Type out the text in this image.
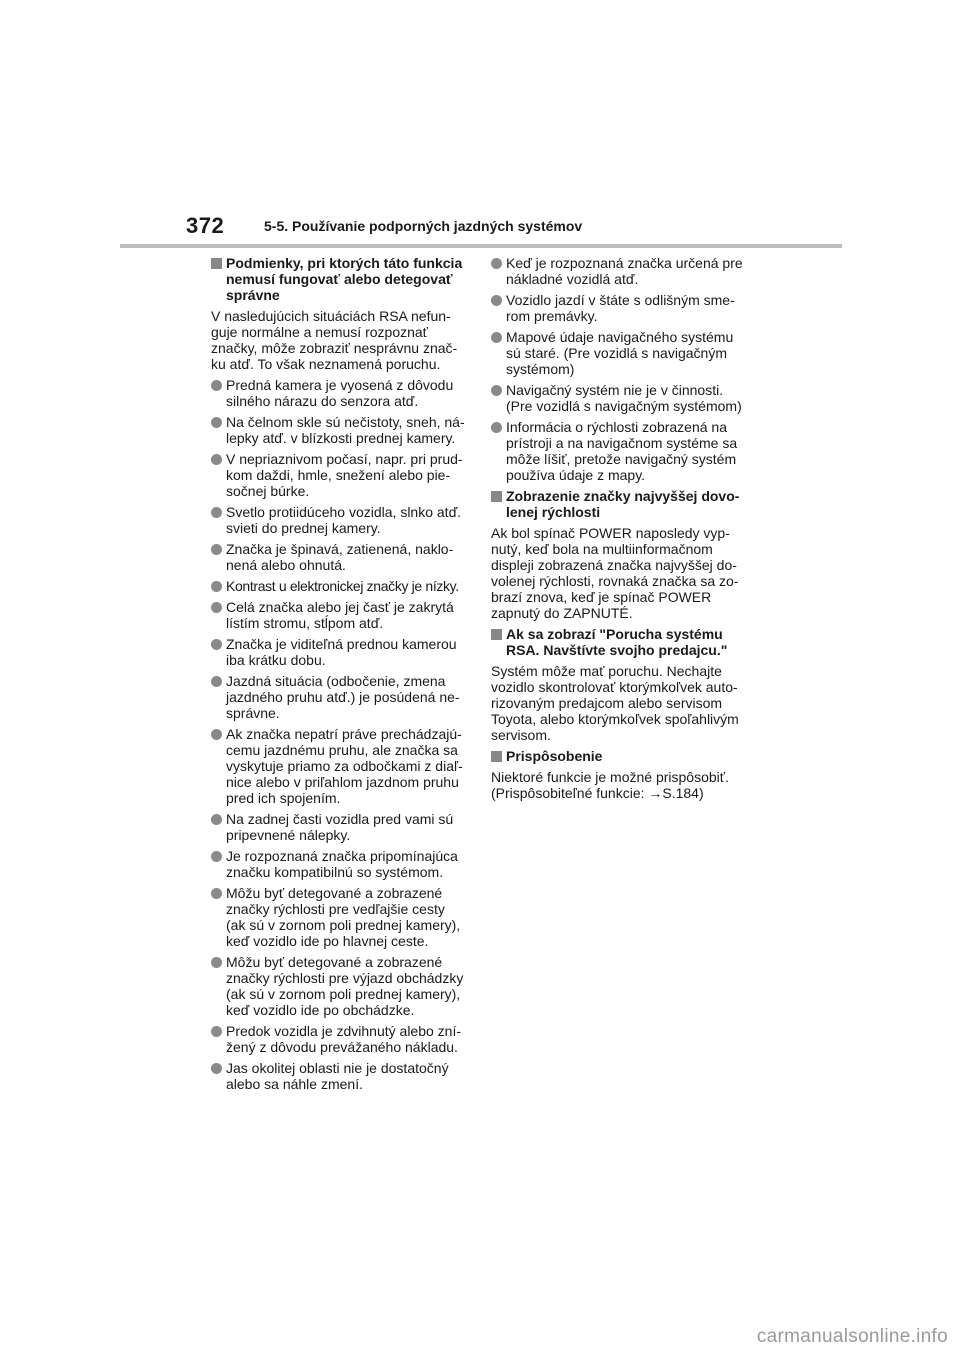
372	5-5. Používanie podporných jazdných systémov
Podmienky, pri ktorých táto funkcia
nemusí fungovať alebo detegovať
správne
V nasledujúcich situáciách RSA nefun-
guje normálne a nemusí rozpoznať
značky, môže zobraziť nesprávnu znač-
ku atď. To však neznamená poruchu.
Predná kamera je vyosená z dôvodu
silného nárazu do senzora atď.
Na čelnom skle sú nečistoty, sneh, ná-
lepky atď. v blízkosti prednej kamery.
V nepriaznivom počasí, napr. pri prud-
kom daždi, hmle, snežení alebo pie-
sočnej búrke.
Svetlo protiidúceho vozidla, slnko atď.
svieti do prednej kamery.
Značka je špinavá, zatienená, naklo-
nená alebo ohnutá.
Kontrast u elektronickej značky je nízky.
Celá značka alebo jej časť je zakrytá
lístím stromu, stĺpom atď.
Značka je viditeľná prednou kamerou
iba krátku dobu.
Jazdná situácia (odbočenie, zmena
jazdného pruhu atď.) je posúdená ne-
správne.
Ak značka nepatrí práve prechádzajú-
cemu jazdnému pruhu, ale značka sa
vyskytuje priamo za odbočkami z diaľ-
nice alebo v priľahlom jazdnom pruhu
pred ich spojením.
Na zadnej časti vozidla pred vami sú
pripevnené nálepky.
Je rozpoznaná značka pripomínajúca
značku kompatibilnú so systémom.
Môžu byť detegované a zobrazené
značky rýchlosti pre vedľajšie cesty
(ak sú v zornom poli prednej kamery),
keď vozidlo ide po hlavnej ceste.
Môžu byť detegované a zobrazené
značky rýchlosti pre výjazd obchádzky
(ak sú v zornom poli prednej kamery),
keď vozidlo ide po obchádzke.
Predok vozidla je zdvihnutý alebo zní-
žený z dôvodu prevážaného nákladu.
Jas okolitej oblasti nie je dostatočný
alebo sa náhle zmení.
Keď je rozpoznaná značka určená pre
nákladné vozidlá atď.
Vozidlo jazdí v štáte s odlišným sme-
rom premávky.
Mapové údaje navigačného systému
sú staré. (Pre vozidlá s navigačným
systémom)
Navigačný systém nie je v činnosti.
(Pre vozidlá s navigačným systémom)
Informácia o rýchlosti zobrazená na
prístroji a na navigačnom systéme sa
môže líšiť, pretože navigačný systém
používa údaje z mapy.
Zobrazenie značky najvyššej dovo-
lenej rýchlosti
Ak bol spínač POWER naposledy vyp-
nutý, keď bola na multiinformačnom
displeji zobrazená značka najvyššej do-
volenej rýchlosti, rovnaká značka sa zo-
brazí znova, keď je spínač POWER
zapnutý do ZAPNUTÉ.
Ak sa zobrazí "Porucha systému
RSA. Navštívte svojho predajcu."
Systém môže mať poruchu. Nechajte
vozidlo skontrolovať ktorýmkoľvek auto-
rizovaným predajcom alebo servisom
Toyota, alebo ktorýmkoľvek spoľahlivým
servisom.
Prispôsobenie
Niektoré funkcie je možné prispôsobiť.
(Prispôsobiteľné funkcie: →S.184)
carmanualsonline.info
